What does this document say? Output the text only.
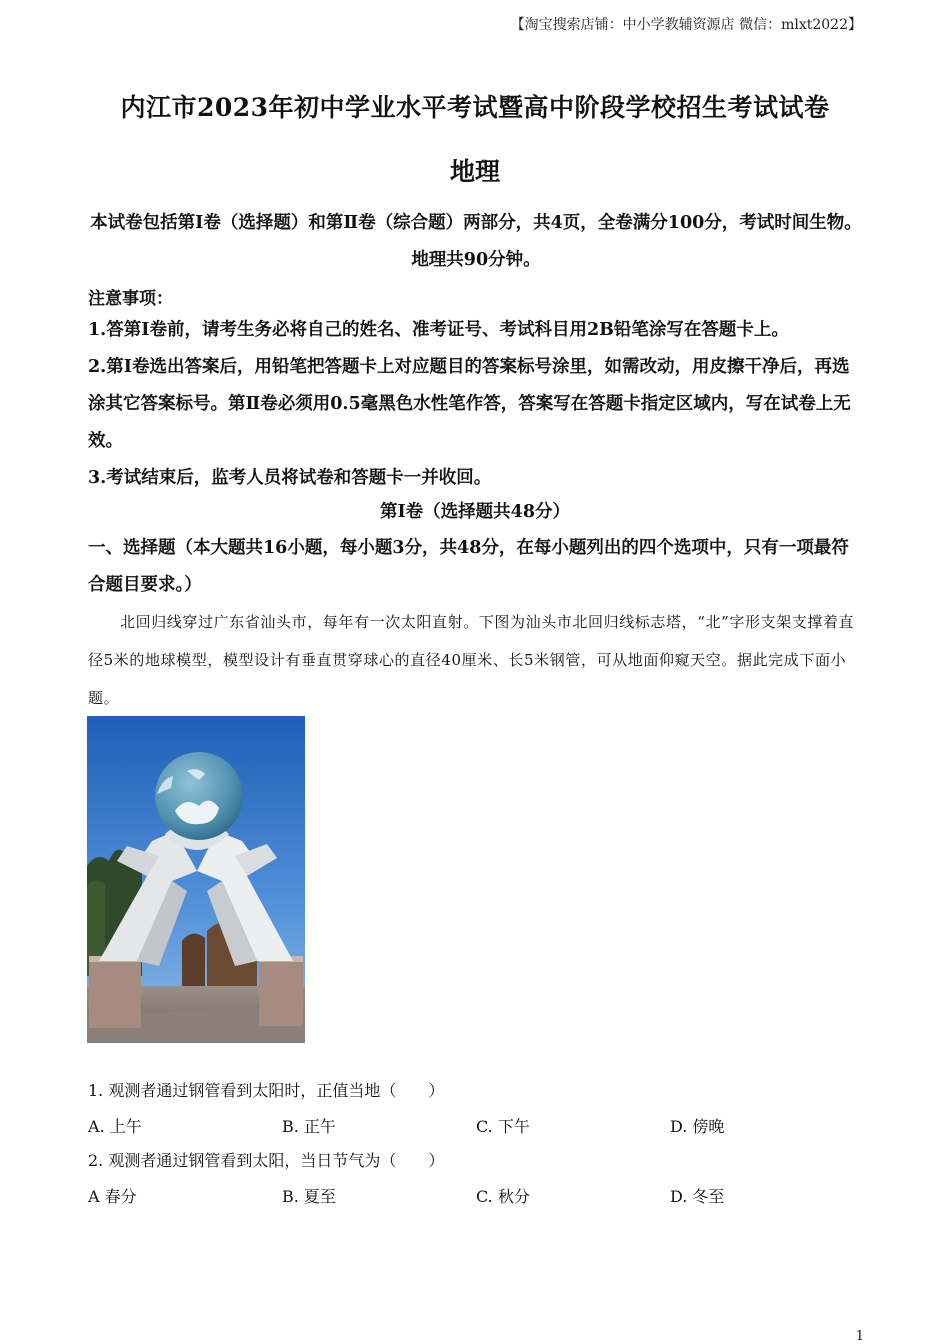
【淘宝搜索店铺：中小学教辅资源店 微信：mlxt2022】
内江市2023年初中学业水平考试暨高中阶段学校招生考试试卷
地理
本试卷包括第Ⅰ卷（选择题）和第Ⅱ卷（综合题）两部分，共4页，全卷满分100分，考试时间生物。地理共90分钟。
注意事项：

1.答第Ⅰ卷前，请考生务必将自己的姓名、准考证号、考试科目用2B铅笔涂写在答题卡上。

2.第Ⅰ卷选出答案后，用铅笔把答题卡上对应题目的答案标号涂里，如需改动，用皮擦干净后，再选涂其它答案标号。第Ⅱ卷必须用0.5毫黑色水性笔作答，答案写在答题卡指定区域内，写在试卷上无效。

3.考试结束后，监考人员将试卷和答题卡一并收回。

第Ⅰ卷（选择题共48分）
一、选择题（本大题共16小题，每小题3分，共48分，在每小题列出的四个选项中，只有一项最符合题目要求。）
北回归线穿过广东省汕头市，每年有一次太阳直射。下图为汕头市北回归线标志塔，“北”字形支架支撑着直径5米的地球模型，模型设计有垂直贯穿球心的直径40厘米、长5米钢管，可从地面仰窥天空。据此完成下面小题。
1. 观测者通过钢管看到太阳时，正值当地（　　）
A. 上午	B. 正午	C. 下午	D. 傍晚
2. 观测者通过钢管看到太阳，当日节气为（　　）
A 春分	B. 夏至	C. 秋分	D. 冬至
1
